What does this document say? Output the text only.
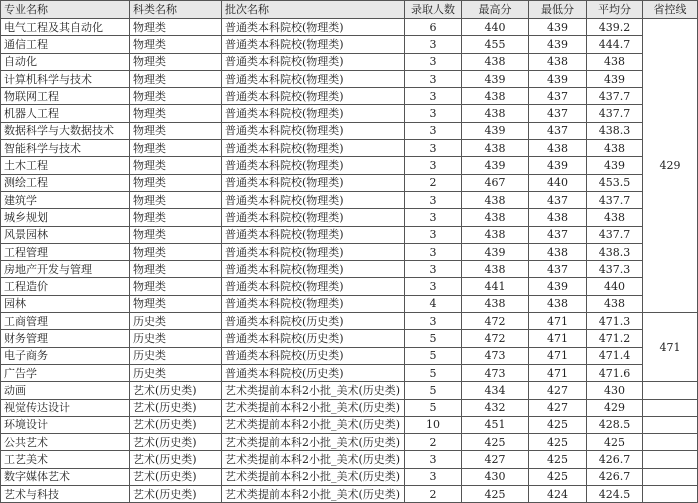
专业名称	科类名称	批次名称	录取人数	最高分	最低分	平均分	省控线
电气工程及其自动化	物理类	普通类本科院校(物理类)	6	440	439	439.2	429
通信工程	物理类	普通类本科院校(物理类)	3	455	439	444.7	
自动化	物理类	普通类本科院校(物理类)	3	438	438	438	
计算机科学与技术	物理类	普通类本科院校(物理类)	3	439	439	439	
物联网工程	物理类	普通类本科院校(物理类)	3	438	437	437.7	
机器人工程	物理类	普通类本科院校(物理类)	3	438	437	437.7	
数据科学与大数据技术	物理类	普通类本科院校(物理类)	3	439	437	438.3	
智能科学与技术	物理类	普通类本科院校(物理类)	3	438	438	438	
土木工程	物理类	普通类本科院校(物理类)	3	439	439	439	
测绘工程	物理类	普通类本科院校(物理类)	2	467	440	453.5	
建筑学	物理类	普通类本科院校(物理类)	3	438	437	437.7	
城乡规划	物理类	普通类本科院校(物理类)	3	438	438	438	
风景园林	物理类	普通类本科院校(物理类)	3	438	437	437.7	
工程管理	物理类	普通类本科院校(物理类)	3	439	438	438.3	
房地产开发与管理	物理类	普通类本科院校(物理类)	3	438	437	437.3	
工程造价	物理类	普通类本科院校(物理类)	3	441	439	440	
园林	物理类	普通类本科院校(物理类)	4	438	438	438	
工商管理	历史类	普通类本科院校(历史类)	3	472	471	471.3	471
财务管理	历史类	普通类本科院校(历史类)	5	472	471	471.2	
电子商务	历史类	普通类本科院校(历史类)	5	473	471	471.4	
广告学	历史类	普通类本科院校(历史类)	5	473	471	471.6	
动画	艺术(历史类)	艺术类提前本科2小批_美术(历史类)	5	434	427	430	
视觉传达设计	艺术(历史类)	艺术类提前本科2小批_美术(历史类)	5	432	427	429	
环境设计	艺术(历史类)	艺术类提前本科2小批_美术(历史类)	10	451	425	428.5	
公共艺术	艺术(历史类)	艺术类提前本科2小批_美术(历史类)	2	425	425	425	
工艺美术	艺术(历史类)	艺术类提前本科2小批_美术(历史类)	3	427	425	426.7	
数字媒体艺术	艺术(历史类)	艺术类提前本科2小批_美术(历史类)	3	430	425	426.7	
艺术与科技	艺术(历史类)	艺术类提前本科2小批_美术(历史类)	2	425	424	424.5	
